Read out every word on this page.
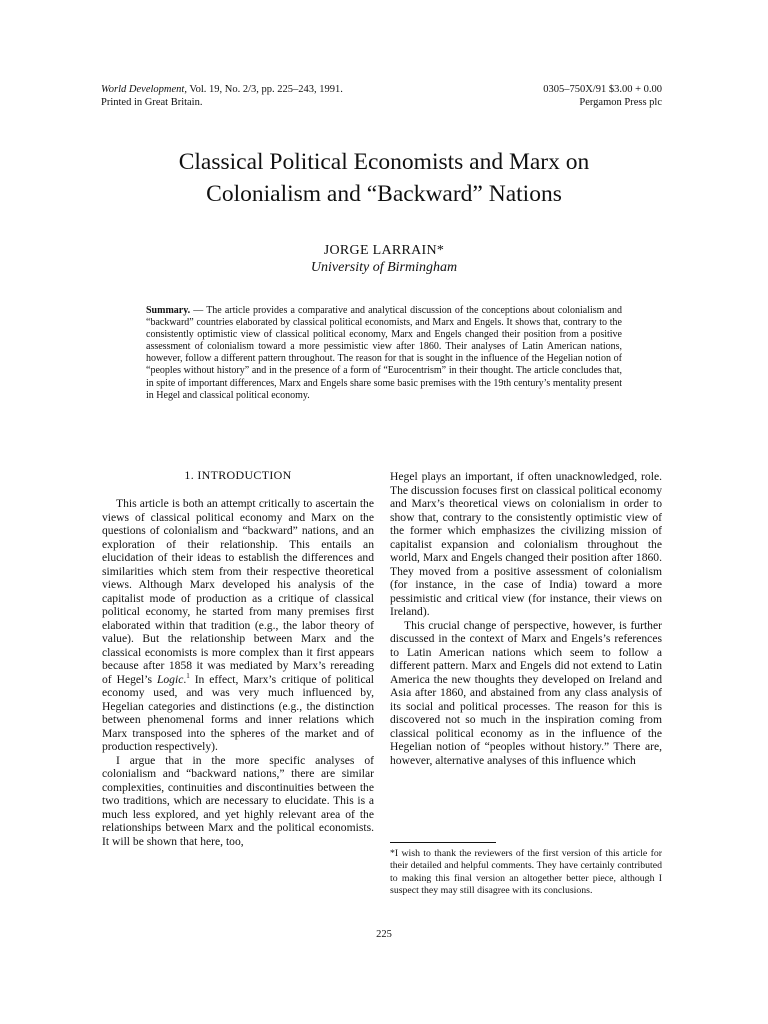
World Development, Vol. 19, No. 2/3, pp. 225–243, 1991.
Printed in Great Britain.
0305–750X/91 $3.00 + 0.00
Pergamon Press plc
Classical Political Economists and Marx on
Colonialism and “Backward” Nations
JORGE LARRAIN*
University of Birmingham
Summary. — The article provides a comparative and analytical discussion of the conceptions about colonialism and “backward” countries elaborated by classical political economists, and Marx and Engels. It shows that, contrary to the consistently optimistic view of classical political economy, Marx and Engels changed their position from a positive assessment of colonialism toward a more pessimistic view after 1860. Their analyses of Latin American nations, however, follow a different pattern throughout. The reason for that is sought in the influence of the Hegelian notion of “peoples without history” and in the presence of a form of “Eurocentrism” in their thought. The article concludes that, in spite of important differences, Marx and Engels share some basic premises with the 19th century’s mentality present in Hegel and classical political economy.
1. INTRODUCTION

This article is both an attempt critically to ascertain the views of classical political economy and Marx on the questions of colonialism and “backward” nations, and an exploration of their relationship. This entails an elucidation of their ideas to establish the differences and similarities which stem from their respective theoretical views. Although Marx developed his analysis of the capitalist mode of production as a critique of classical political economy, he started from many premises first elaborated within that tradition (e.g., the labor theory of value). But the relationship between Marx and the classical economists is more complex than it first appears because after 1858 it was mediated by Marx’s rereading of Hegel’s Logic.$^1$ In effect, Marx’s critique of political economy used, and was very much influenced by, Hegelian categories and distinctions (e.g., the distinction between phenomenal forms and inner relations which Marx transposed into the spheres of the market and of production respectively).

I argue that in the more specific analyses of colonialism and “backward nations,” there are similar complexities, continuities and discontinuities between the two traditions, which are necessary to elucidate. This is a much less explored, and yet highly relevant area of the relationships between Marx and the political economists. It will be shown that here, too,

Hegel plays an important, if often unacknowledged, role. The discussion focuses first on classical political economy and Marx’s theoretical views on colonialism in order to show that, contrary to the consistently optimistic view of the former which emphasizes the civilizing mission of capitalist expansion and colonialism throughout the world, Marx and Engels changed their position after 1860. They moved from a positive assessment of colonialism (for instance, in the case of India) toward a more pessimistic and critical view (for instance, their views on Ireland).

This crucial change of perspective, however, is further discussed in the context of Marx and Engels’s references to Latin American nations which seem to follow a different pattern. Marx and Engels did not extend to Latin America the new thoughts they developed on Ireland and Asia after 1860, and abstained from any class analysis of its social and political processes. The reason for this is discovered not so much in the inspiration coming from classical political economy as in the influence of the Hegelian notion of “peoples without history.” There are, however, alternative analyses of this influence which

*I wish to thank the reviewers of the first version of this article for their detailed and helpful comments. They have certainly contributed to making this final version an altogether better piece, although I suspect they may still disagree with its conclusions.
225
